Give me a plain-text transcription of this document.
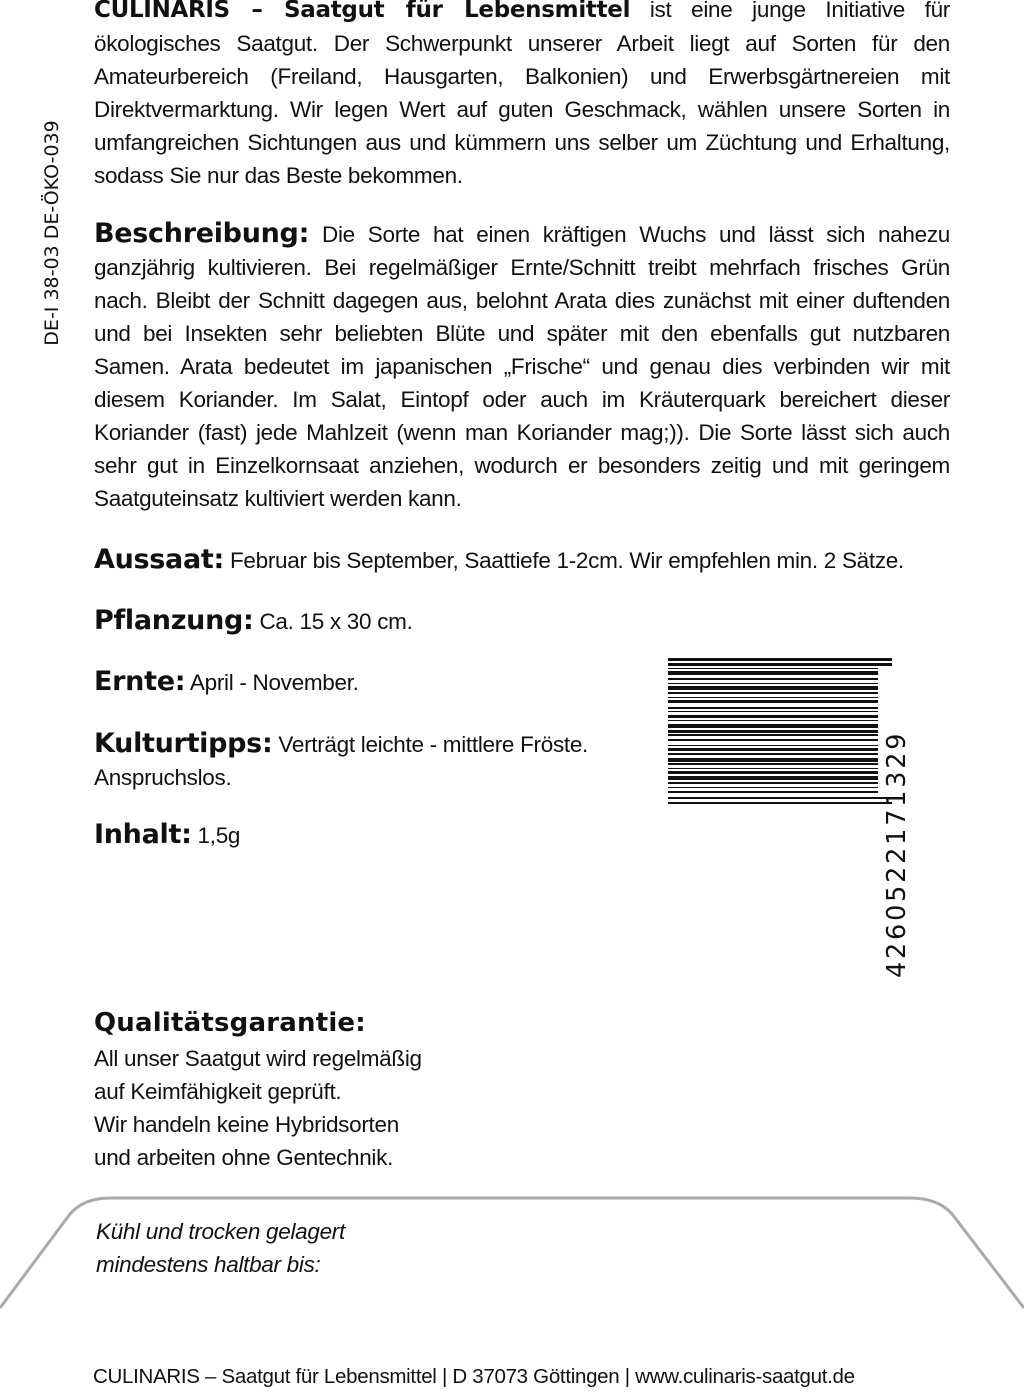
DE-I 38-03 DE-ÖKO-039

CULINARIS – Saatgut für Lebensmittel ist eine junge Initiative für ökologisches Saatgut. Der Schwerpunkt unserer Arbeit liegt auf Sorten für den Amateurbereich (Freiland, Hausgarten, Balkonien) und Erwerbsgärtnereien mit Direktvermarktung. Wir legen Wert auf guten Geschmack, wählen unsere Sorten in umfangreichen Sichtungen aus und kümmern uns selber um Züchtung und Erhaltung, sodass Sie nur das Beste bekommen.

Beschreibung: Die Sorte hat einen kräftigen Wuchs und lässt sich nahezu ganzjährig kultivieren. Bei regelmäßiger Ernte/Schnitt treibt mehrfach frisches Grün nach. Bleibt der Schnitt dagegen aus, belohnt Arata dies zunächst mit einer duftenden und bei Insekten sehr beliebten Blüte und später mit den ebenfalls gut nutzbaren Samen. Arata bedeutet im japanischen „Frische“ und genau dies verbinden wir mit diesem Koriander. Im Salat, Eintopf oder auch im Kräuterquark bereichert dieser Koriander (fast) jede Mahlzeit (wenn man Koriander mag;)). Die Sorte lässt sich auch sehr gut in Einzelkornsaat anziehen, wodurch er besonders zeitig und mit geringem Saatguteinsatz kultiviert werden kann.

Aussaat: Februar bis September, Saattiefe 1-2cm. Wir empfehlen min. 2 Sätze.

Pflanzung: Ca. 15 x 30 cm.

Ernte: April - November.

Kulturtipps: Verträgt leichte - mittlere Fröste. Anspruchslos.

Inhalt: 1,5g	4260522171329
Qualitätsgarantie:

All unser Saatgut wird regelmäßig

auf Keimfähigkeit geprüft.

Wir handeln keine Hybridsorten

und arbeiten ohne Gentechnik.

Kühl und trocken gelagert

mindestens haltbar bis:

CULINARIS – Saatgut für Lebensmittel | D 37073 Göttingen | www.culinaris-saatgut.de
